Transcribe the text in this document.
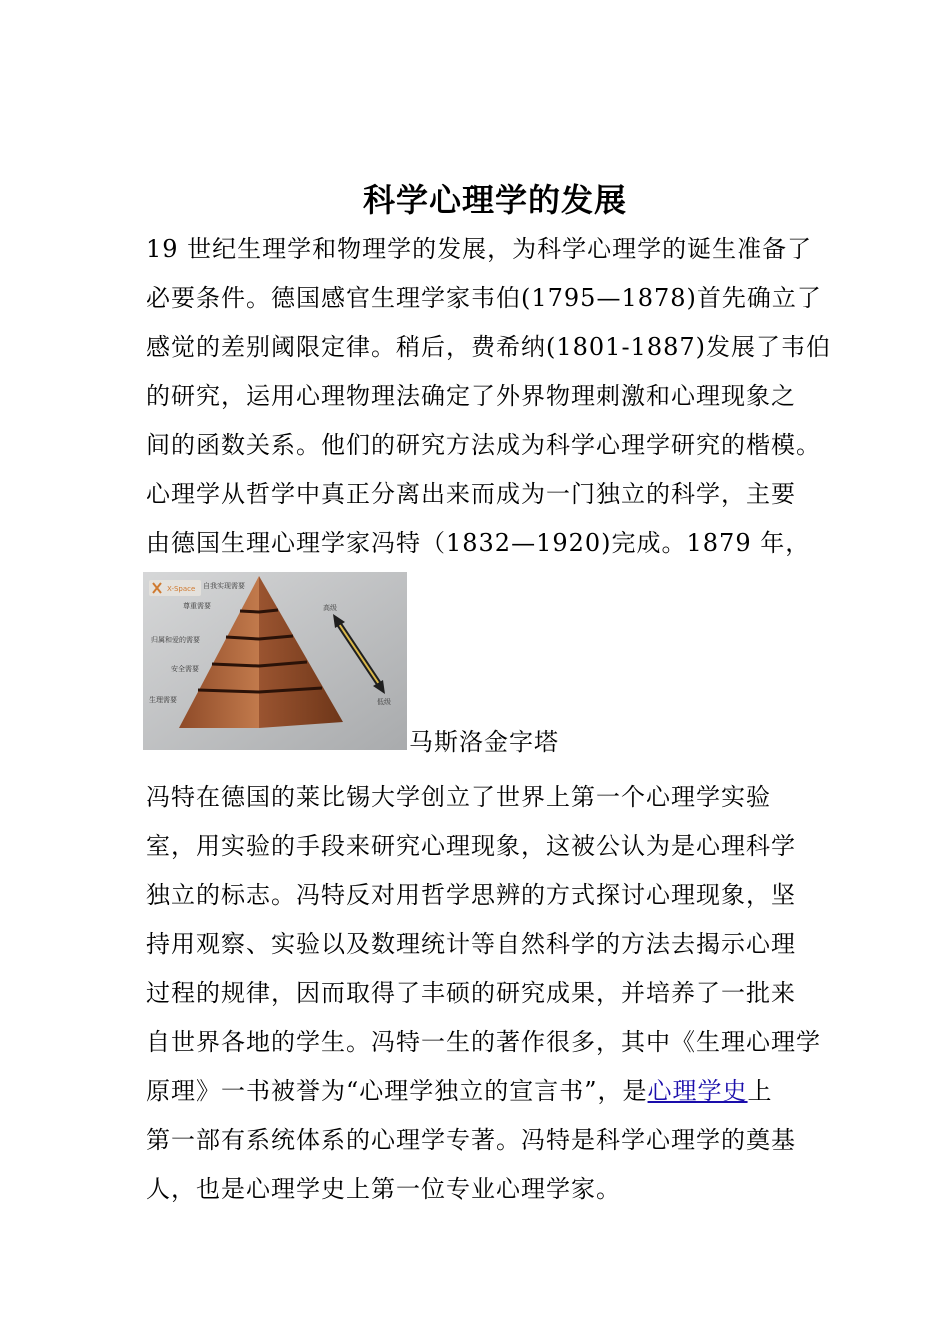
科学心理学的发展
19 世纪生理学和物理学的发展，为科学心理学的诞生准备了
必要条件。德国感官生理学家韦伯(1795—1878)首先确立了
感觉的差别阈限定律。稍后，费希纳(1801-1887)发展了韦伯
的研究，运用心理物理法确定了外界物理刺激和心理现象之
间的函数关系。他们的研究方法成为科学心理学研究的楷模。
心理学从哲学中真正分离出来而成为一门独立的科学，主要
由德国生理心理学家冯特（1832—1920)完成。1879 年，
X-Space 自我实现需要
尊重需要
归属和爱的需要
安全需要
生理需要
高级
低级
马斯洛金字塔
冯特在德国的莱比锡大学创立了世界上第一个心理学实验
室，用实验的手段来研究心理现象，这被公认为是心理科学
独立的标志。冯特反对用哲学思辨的方式探讨心理现象，坚
持用观察、实验以及数理统计等自然科学的方法去揭示心理
过程的规律，因而取得了丰硕的研究成果，并培养了一批来
自世界各地的学生。冯特一生的著作很多，其中《生理心理学
原理》一书被誉为“心理学独立的宣言书”，是心理学史上
第一部有系统体系的心理学专著。冯特是科学心理学的奠基
人，也是心理学史上第一位专业心理学家。
